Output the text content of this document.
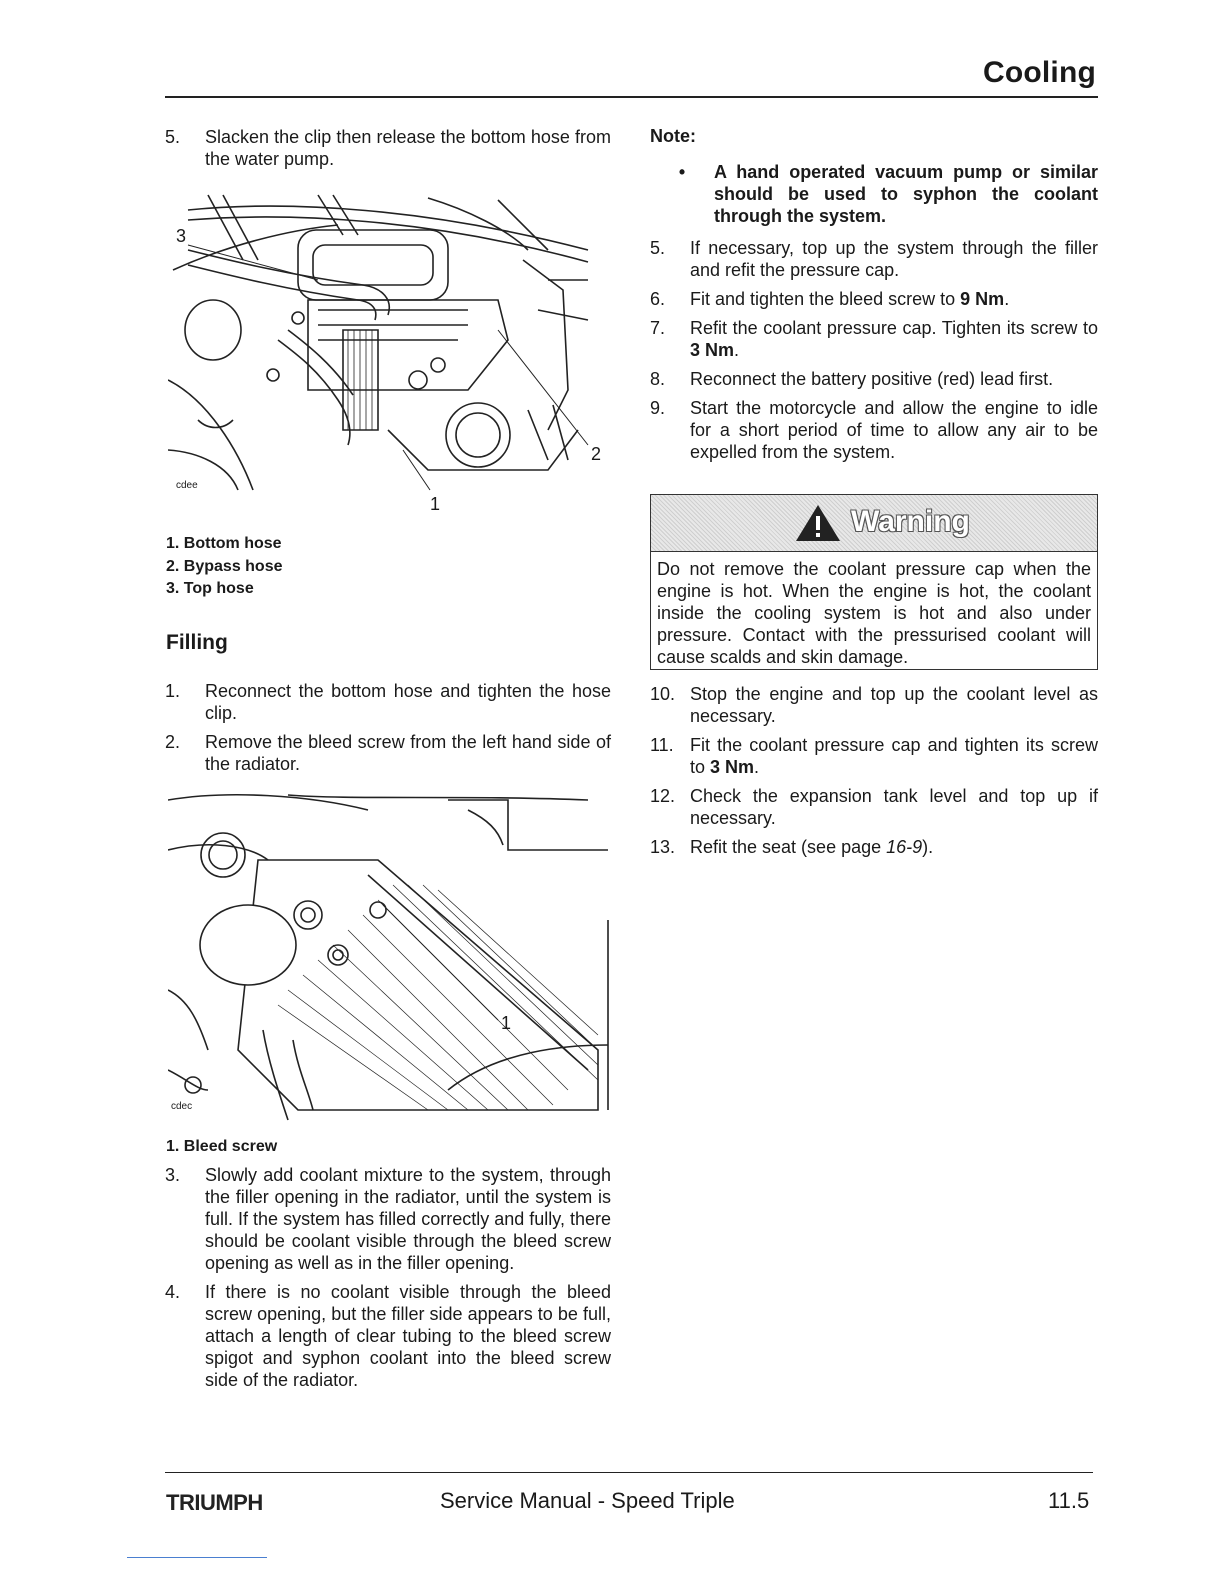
Cooling
5.	Slacken the clip then release the bottom hose from the water pump.
3
2
1
cdee
1. Bottom hose
2. Bypass hose
3. Top hose
Filling
1.	Reconnect the bottom hose and tighten the hose clip.
2.	Remove the bleed screw from the left hand side of the radiator.
1
cdec
1. Bleed screw
3.	Slowly add coolant mixture to the system, through the filler opening in the radiator, until the system is full. If the system has filled correctly and fully, there should be coolant visible through the bleed screw opening as well as in the filler opening.
4.	If there is no coolant visible through the bleed screw opening, but the filler side appears to be full, attach a length of clear tubing to the bleed screw spigot and syphon coolant into the bleed screw side of the radiator.
Note:
•	A hand operated vacuum pump or similar should be used to syphon the coolant through the system.
5.	If necessary, top up the system through the filler and refit the pressure cap.
6.	Fit and tighten the bleed screw to 9 Nm.
7.	Refit the coolant pressure cap. Tighten its screw to 3 Nm.
8.	Reconnect the battery positive (red) lead first.
9.	Start the motorcycle and allow the engine to idle for a short period of time to allow any air to be expelled from the system.
Warning
Do not remove the coolant pressure cap when the engine is hot. When the engine is hot, the coolant inside the cooling system is hot and also under pressure. Contact with the pressurised coolant will cause scalds and skin damage.
10. Stop the engine and top up the coolant level as necessary.
11. Fit the coolant pressure cap and tighten its screw to 3 Nm.
12. Check the expansion tank level and top up if necessary.
13. Refit the seat (see page 16-9).
TRIUMPH	Service Manual - Speed Triple	11.5
